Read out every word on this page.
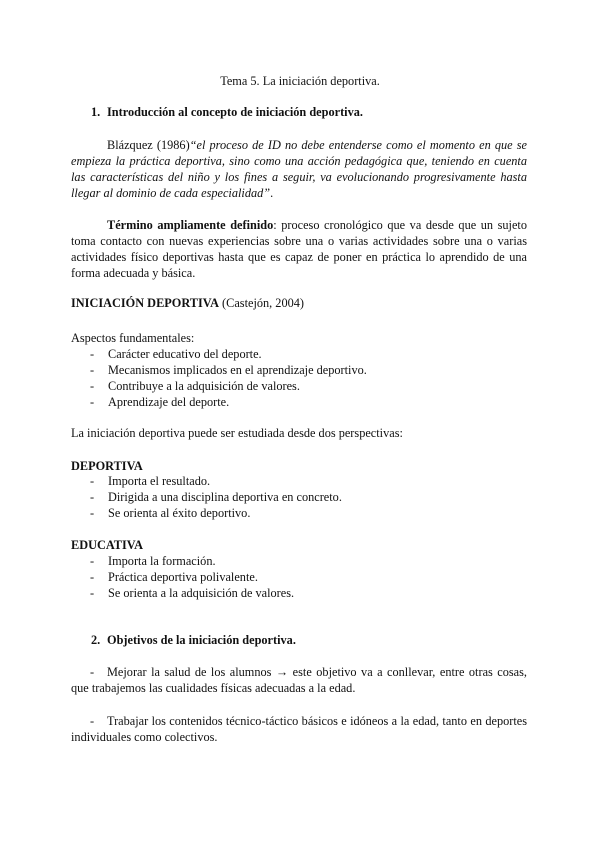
Tema 5. La iniciación deportiva.
1. Introducción al concepto de iniciación deportiva.
Blázquez (1986)“el proceso de ID no debe entenderse como el momento en que se empieza la práctica deportiva, sino como una acción pedagógica que, teniendo en cuenta las características del niño y los fines a seguir, va evolucionando progresivamente hasta llegar al dominio de cada especialidad”.
Término ampliamente definido: proceso cronológico que va desde que un sujeto toma contacto con nuevas experiencias sobre una o varias actividades sobre una o varias actividades físico deportivas hasta que es capaz de poner en práctica lo aprendido de una forma adecuada y básica.
INICIACIÓN DEPORTIVA (Castejón, 2004)
Aspectos fundamentales:
- Carácter educativo del deporte.
- Mecanismos implicados en el aprendizaje deportivo.
- Contribuye a la adquisición de valores.
- Aprendizaje del deporte.
La iniciación deportiva puede ser estudiada desde dos perspectivas:
DEPORTIVA
- Importa el resultado.
- Dirigida a una disciplina deportiva en concreto.
- Se orienta al éxito deportivo.
EDUCATIVA
- Importa la formación.
- Práctica deportiva polivalente.
- Se orienta a la adquisición de valores.
2. Objetivos de la iniciación deportiva.
-	Mejorar la salud de los alumnos → este objetivo va a conllevar, entre otras cosas, que trabajemos las cualidades físicas adecuadas a la edad.
-	Trabajar los contenidos técnico-táctico básicos e idóneos a la edad, tanto en deportes individuales como colectivos.
